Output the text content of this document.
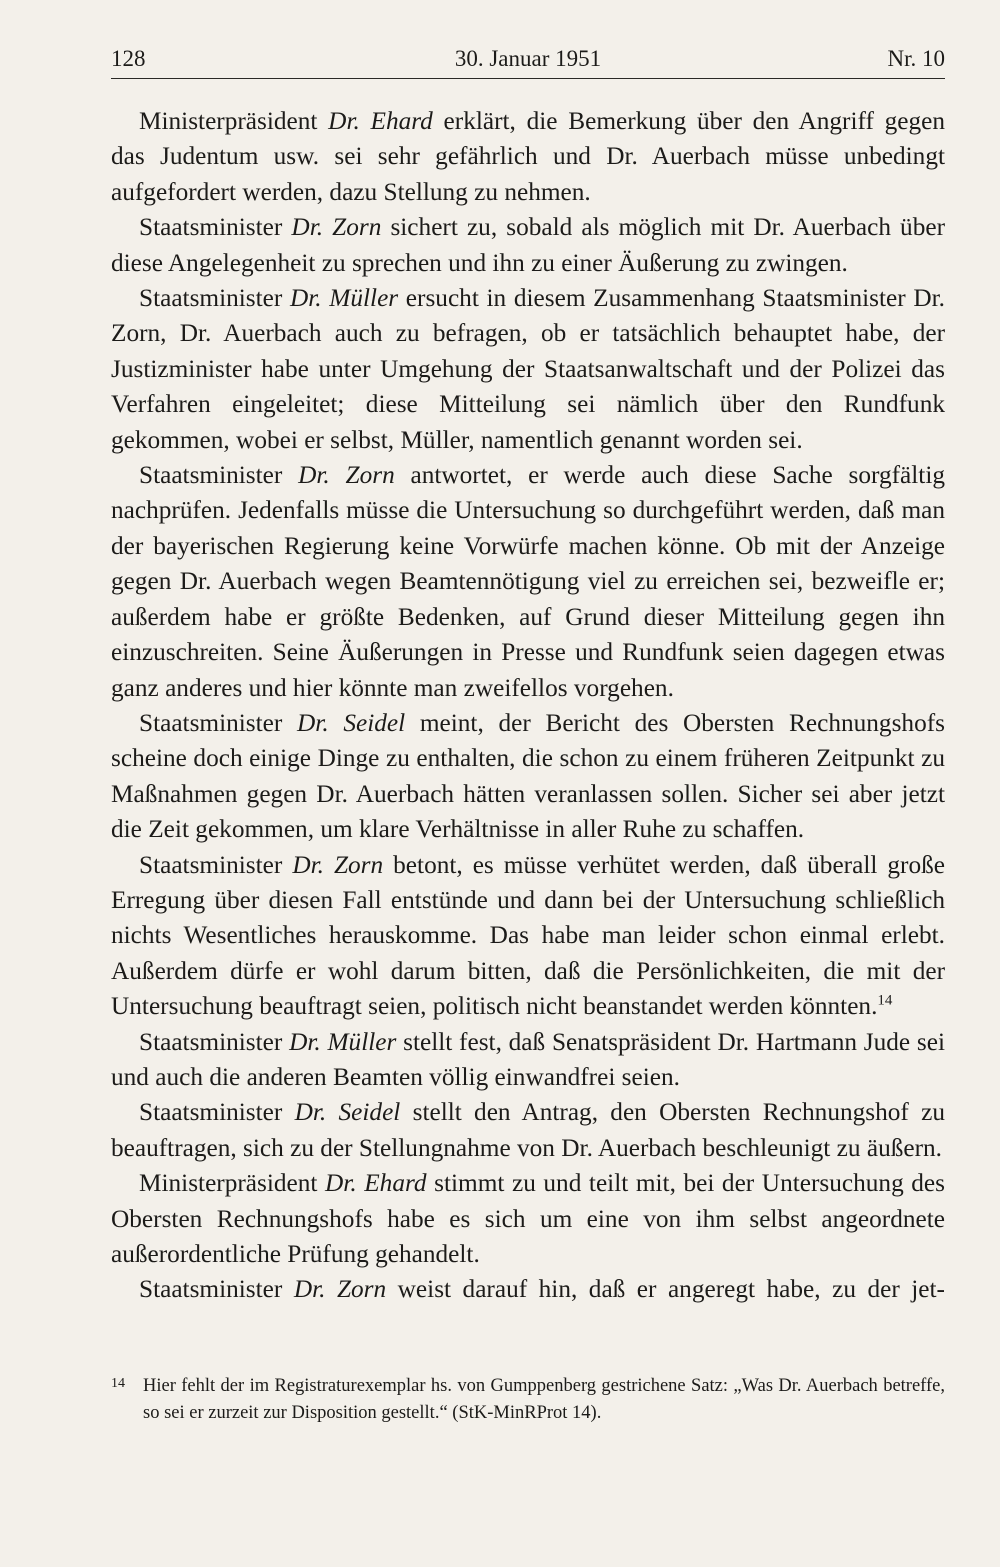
128	30. Januar 1951	Nr. 10

Ministerpräsident Dr. Ehard erklärt, die Bemerkung über den Angriff gegen das Judentum usw. sei sehr gefährlich und Dr. Auerbach müsse unbedingt aufgefordert werden, dazu Stellung zu nehmen.

Staatsminister Dr. Zorn sichert zu, sobald als möglich mit Dr. Auerbach über diese Angelegenheit zu sprechen und ihn zu einer Äußerung zu zwingen.

Staatsminister Dr. Müller ersucht in diesem Zusammenhang Staatsminister Dr. Zorn, Dr. Auerbach auch zu befragen, ob er tatsächlich behauptet habe, der Justizminister habe unter Umgehung der Staatsanwaltschaft und der Polizei das Verfahren eingeleitet; diese Mitteilung sei nämlich über den Rundfunk gekommen, wobei er selbst, Müller, namentlich genannt worden sei.

Staatsminister Dr. Zorn antwortet, er werde auch diese Sache sorgfältig nachprüfen. Jedenfalls müsse die Untersuchung so durchgeführt werden, daß man der bayerischen Regierung keine Vorwürfe machen könne. Ob mit der Anzeige gegen Dr. Auerbach wegen Beamtennötigung viel zu erreichen sei, bezweifle er; außerdem habe er größte Bedenken, auf Grund dieser Mitteilung gegen ihn einzuschreiten. Seine Äußerungen in Presse und Rundfunk seien dagegen etwas ganz anderes und hier könnte man zweifellos vorgehen.

Staatsminister Dr. Seidel meint, der Bericht des Obersten Rechnungshofs scheine doch einige Dinge zu enthalten, die schon zu einem früheren Zeitpunkt zu Maßnahmen gegen Dr. Auerbach hätten veranlassen sollen. Sicher sei aber jetzt die Zeit gekommen, um klare Verhältnisse in aller Ruhe zu schaffen.

Staatsminister Dr. Zorn betont, es müsse verhütet werden, daß überall große Erregung über diesen Fall entstünde und dann bei der Untersuchung schließlich nichts Wesentliches herauskomme. Das habe man leider schon einmal erlebt. Außerdem dürfe er wohl darum bitten, daß die Persönlichkeiten, die mit der Untersuchung beauftragt seien, politisch nicht beanstandet werden könnten.$^{14}$

Staatsminister Dr. Müller stellt fest, daß Senatspräsident Dr. Hartmann Jude sei und auch die anderen Beamten völlig einwandfrei seien.

Staatsminister Dr. Seidel stellt den Antrag, den Obersten Rechnungshof zu beauftragen, sich zu der Stellungnahme von Dr. Auerbach beschleunigt zu äußern.

Ministerpräsident Dr. Ehard stimmt zu und teilt mit, bei der Untersuchung des Obersten Rechnungshofs habe es sich um eine von ihm selbst angeordnete außerordentliche Prüfung gehandelt.

Staatsminister Dr. Zorn weist darauf hin, daß er angeregt habe, zu der jet-

14 Hier fehlt der im Registraturexemplar hs. von Gumppenberg gestrichene Satz: „Was Dr. Auerbach betreffe, so sei er zurzeit zur Disposition gestellt.“ (StK-MinRProt 14).
